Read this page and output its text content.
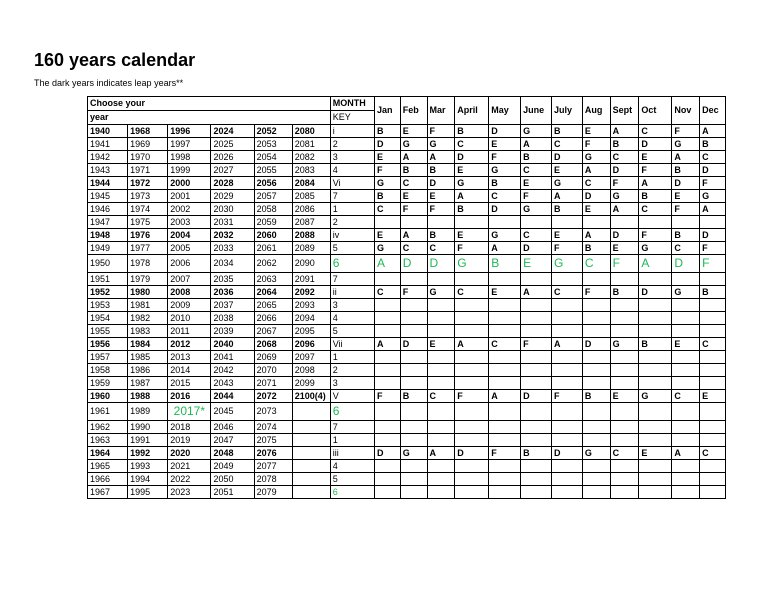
160 years calendar
The dark years indicates leap years**
Choose your						MONTH	Jan	Feb	Mar	April	May	June	July	Aug	Sept	Oct	Nov	Dec
year						KEY												
1940	1968	1996	2024	2052	2080	i	B	E	F	B	D	G	B	E	A	C	F	A
1941	1969	1997	2025	2053	2081	2	D	G	G	C	E	A	C	F	B	D	G	B
1942	1970	1998	2026	2054	2082	3	E	A	A	D	F	B	D	G	C	E	A	C
1943	1971	1999	2027	2055	2083	4	F	B	B	E	G	C	E	A	D	F	B	D
1944	1972	2000	2028	2056	2084	Vi	G	C	D	G	B	E	G	C	F	A	D	F
1945	1973	2001	2029	2057	2085	7	B	E	E	A	C	F	A	D	G	B	E	G
1946	1974	2002	2030	2058	2086	1	C	F	F	B	D	G	B	E	A	C	F	A
1947	1975	2003	2031	2059	2087	2												
1948	1976	2004	2032	2060	2088	iv	E	A	B	E	G	C	E	A	D	F	B	D
1949	1977	2005	2033	2061	2089	5	G	C	C	F	A	D	F	B	E	G	C	F
1950	1978	2006	2034	2062	2090	6	A	D	D	G	B	E	G	C	F	A	D	F
1951	1979	2007	2035	2063	2091	7												
1952	1980	2008	2036	2064	2092	ii	C	F	G	C	E	A	C	F	B	D	G	B
1953	1981	2009	2037	2065	2093	3												
1954	1982	2010	2038	2066	2094	4												
1955	1983	2011	2039	2067	2095	5												
1956	1984	2012	2040	2068	2096	Vii	A	D	E	A	C	F	A	D	G	B	E	C
1957	1985	2013	2041	2069	2097	1												
1958	1986	2014	2042	2070	2098	2												
1959	1987	2015	2043	2071	2099	3												
1960	1988	2016	2044	2072	2100(4)	V	F	B	C	F	A	D	F	B	E	G	C	E
1961	1989	2017*	2045	2073		6												
1962	1990	2018	2046	2074		7												
1963	1991	2019	2047	2075		1												
1964	1992	2020	2048	2076		iii	D	G	A	D	F	B	D	G	C	E	A	C
1965	1993	2021	2049	2077		4												
1966	1994	2022	2050	2078		5												
1967	1995	2023	2051	2079		6												
